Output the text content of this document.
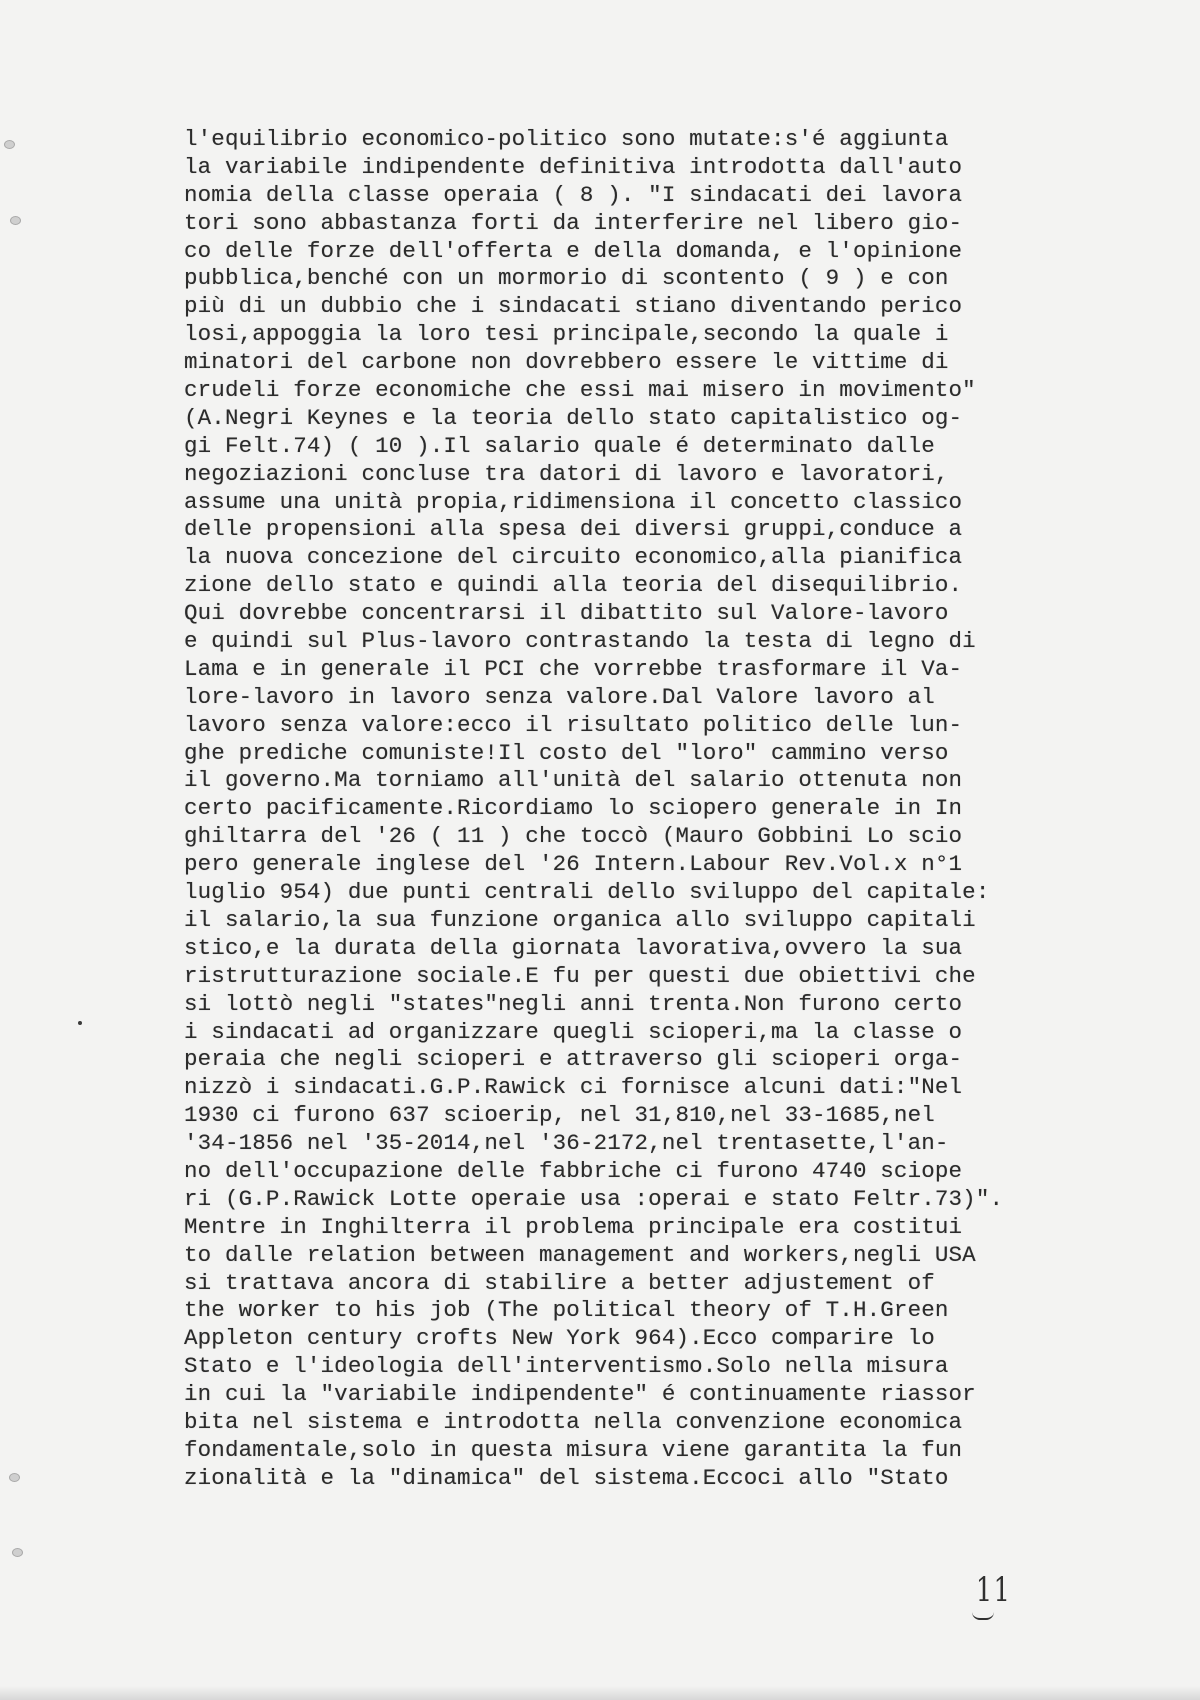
l'equilibrio economico-politico sono mutate:s'é aggiunta
la variabile indipendente definitiva introdotta dall'auto
nomia della classe operaia ( 8 ). "I sindacati dei lavora
tori sono abbastanza forti da interferire nel libero gio-
co delle forze dell'offerta e della domanda, e l'opinione
pubblica,benché con un mormorio di scontento ( 9 ) e con
più di un dubbio che i sindacati stiano diventando perico
losi,appoggia la loro tesi principale,secondo la quale i
minatori del carbone non dovrebbero essere le vittime di
crudeli forze economiche che essi mai misero in movimento"
(A.Negri Keynes e la teoria dello stato capitalistico og-
gi Felt.74) ( 10 ).Il salario quale é determinato dalle
negoziazioni concluse tra datori di lavoro e lavoratori,
assume una unità propia,ridimensiona il concetto classico
delle propensioni alla spesa dei diversi gruppi,conduce a
la nuova concezione del circuito economico,alla pianifica
zione dello stato e quindi alla teoria del disequilibrio.
Qui dovrebbe concentrarsi il dibattito sul Valore-lavoro
e quindi sul Plus-lavoro contrastando la testa di legno di
Lama e in generale il PCI che vorrebbe trasformare il Va-
lore-lavoro in lavoro senza valore.Dal Valore lavoro al
lavoro senza valore:ecco il risultato politico delle lun-
ghe prediche comuniste!Il costo del "loro" cammino verso
il governo.Ma torniamo all'unità del salario ottenuta non
certo pacificamente.Ricordiamo lo sciopero generale in In
ghiltarra del '26 ( 11 ) che toccò (Mauro Gobbini Lo scio
pero generale inglese del '26 Intern.Labour Rev.Vol.x n°1
luglio 954) due punti centrali dello sviluppo del capitale:
il salario,la sua funzione organica allo sviluppo capitali
stico,e la durata della giornata lavorativa,ovvero la sua
ristrutturazione sociale.E fu per questi due obiettivi che
si lottò negli "states"negli anni trenta.Non furono certo
i sindacati ad organizzare quegli scioperi,ma la classe o
peraia che negli scioperi e attraverso gli scioperi orga-
nizzò i sindacati.G.P.Rawick ci fornisce alcuni dati:"Nel
1930 ci furono 637 scioerip, nel 31,810,nel 33-1685,nel
'34-1856 nel '35-2014,nel '36-2172,nel trentasette,l'an-
no dell'occupazione delle fabbriche ci furono 4740 sciope
ri (G.P.Rawick Lotte operaie usa :operai e stato Feltr.73)".
Mentre in Inghilterra il problema principale era costitui
to dalle relation between management and workers,negli USA
si trattava ancora di stabilire a better adjustement of
the worker to his job (The political theory of T.H.Green
Appleton century crofts New York 964).Ecco comparire lo
Stato e l'ideologia dell'interventismo.Solo nella misura
in cui la "variabile indipendente" é continuamente riassor
bita nel sistema e introdotta nella convenzione economica
fondamentale,solo in questa misura viene garantita la fun
zionalità e la "dinamica" del sistema.Eccoci allo "Stato
11
